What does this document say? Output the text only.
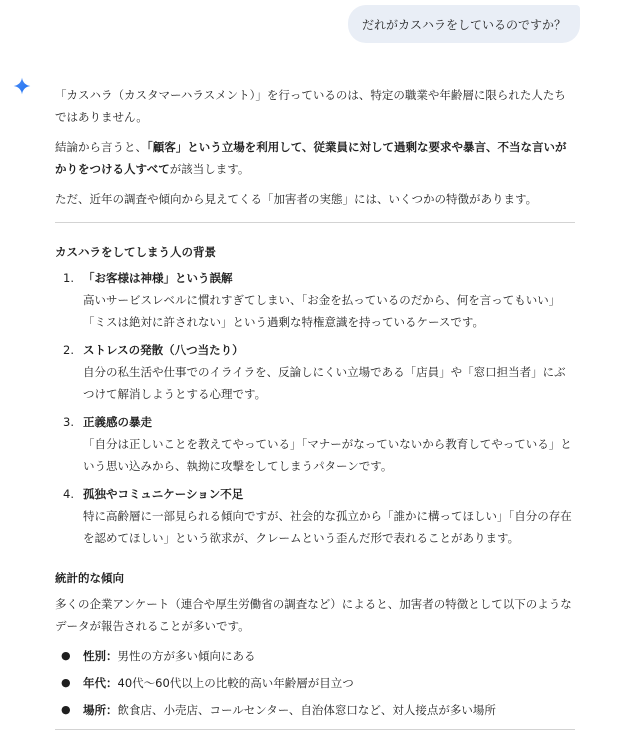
だれがカスハラをしているのですか？

「カスハラ（カスタマーハラスメント）」を行っているのは、特定の職業や年齢層に限られた人たちではありません。

結論から言うと、「顧客」という立場を利用して、従業員に対して過剰な要求や暴言、不当な言いがかりをつける人すべてが該当します。

ただ、近年の調査や傾向から見えてくる「加害者の実態」には、いくつかの特徴があります。

カスハラをしてしまう人の背景
1. 「お客様は神様」という誤解
高いサービスレベルに慣れすぎてしまい、「お金を払っているのだから、何を言ってもいい」「ミスは絶対に許されない」という過剰な特権意識を持っているケースです。
2. ストレスの発散（八つ当たり）
自分の私生活や仕事でのイライラを、反論しにくい立場である「店員」や「窓口担当者」にぶつけて解消しようとする心理です。
3. 正義感の暴走
「自分は正しいことを教えてやっている」「マナーがなっていないから教育してやっている」という思い込みから、執拗に攻撃をしてしまうパターンです。
4. 孤独やコミュニケーション不足
特に高齢層に一部見られる傾向ですが、社会的な孤立から「誰かに構ってほしい」「自分の存在を認めてほしい」という欲求が、クレームという歪んだ形で表れることがあります。
統計的な傾向

多くの企業アンケート（連合や厚生労働省の調査など）によると、加害者の特徴として以下のようなデータが報告されることが多いです。

● 性別：男性の方が多い傾向にある
● 年代：40代〜60代以上の比較的高い年齢層が目立つ
● 場所：飲食店、小売店、コールセンター、自治体窓口など、対人接点が多い場所
